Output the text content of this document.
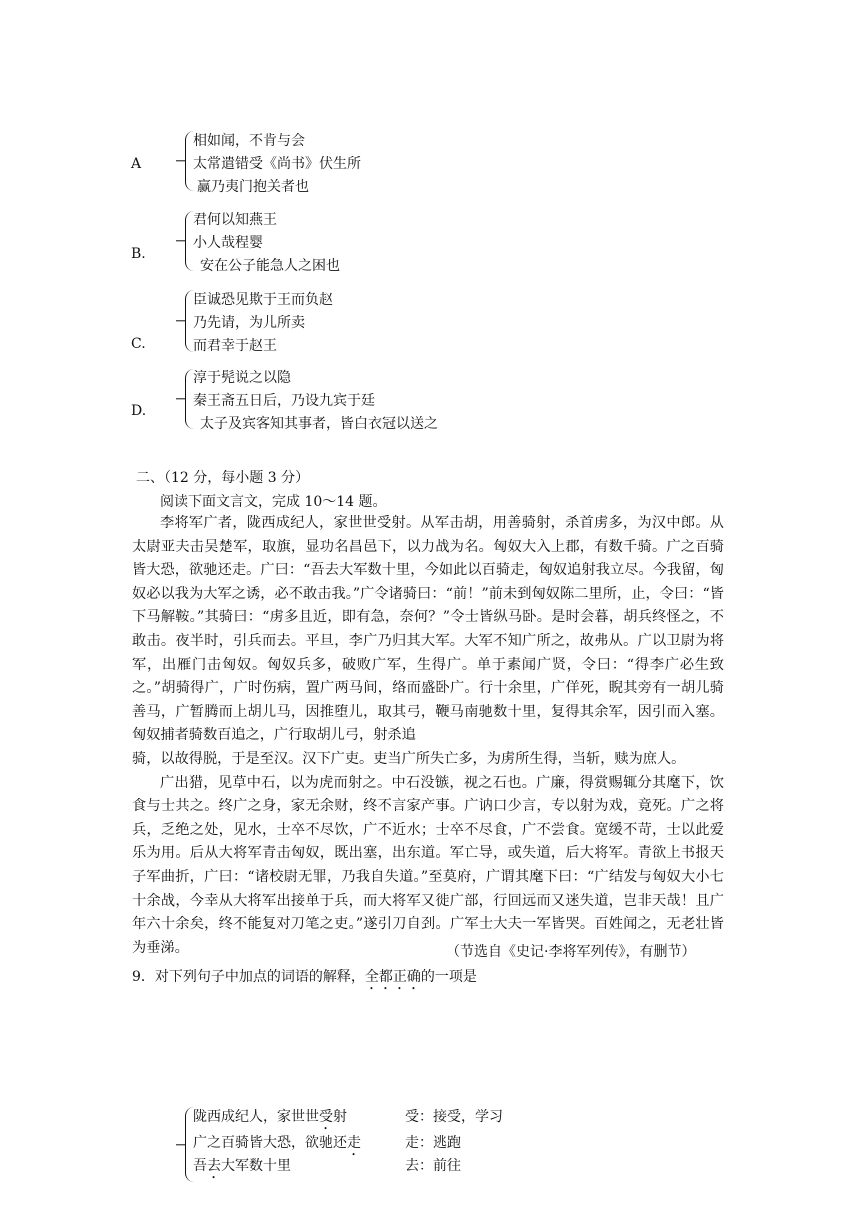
A
相如闻，不肯与会
太常遣错受《尚书》伏生所
赢乃夷门抱关者也
B.
君何以知燕王
小人哉程婴
安在公子能急人之困也
C.
臣诚恐见欺于王而负赵
乃先请，为儿所卖
而君幸于赵王
D.
淳于髡说之以隐
秦王斋五日后，乃设九宾于廷
太子及宾客知其事者，皆白衣冠以送之
二、（12 分，每小题 3 分）
阅读下面文言文，完成 10～14 题。

李将军广者，陇西成纪人，家世世受射。从军击胡，用善骑射，杀首虏多，为汉中郎。从太尉亚夫击吴楚军，取旗，显功名昌邑下，以力战为名。匈奴大入上郡，有数千骑。广之百骑皆大恐，欲驰还走。广曰：“吾去大军数十里，今如此以百骑走，匈奴追射我立尽。今我留，匈奴必以我为大军之诱，必不敢击我。”广令诸骑曰：“前！”前未到匈奴陈二里所，止，令曰：“皆下马解鞍。”其骑曰：“虏多且近，即有急，奈何？”令士皆纵马卧。是时会暮，胡兵终怪之，不敢击。夜半时，引兵而去。平旦，李广乃归其大军。大军不知广所之，故弗从。广以卫尉为将军，出雁门击匈奴。匈奴兵多，破败广军，生得广。单于素闻广贤，令曰：“得李广必生致之。”胡骑得广，广时伤病，置广两马间，络而盛卧广。行十余里，广佯死，睨其旁有一胡儿骑善马，广暂腾而上胡儿马，因推堕儿，取其弓，鞭马南驰数十里，复得其余军，因引而入塞。匈奴捕者骑数百追之，广行取胡儿弓，射杀追

骑，以故得脱，于是至汉。汉下广吏。吏当广所失亡多，为虏所生得，当斩，赎为庶人。

广出猎，见草中石，以为虎而射之。中石没镞，视之石也。广廉，得赏赐辄分其麾下，饮食与士共之。终广之身，家无余财，终不言家产事。广讷口少言，专以射为戏，竟死。广之将兵，乏绝之处，见水，士卒不尽饮，广不近水；士卒不尽食，广不尝食。宽缓不苛，士以此爱乐为用。后从大将军青击匈奴，既出塞，出东道。军亡导，或失道，后大将军。青欲上书报天子军曲折，广曰：“诸校尉无罪，乃我自失道。”至莫府，广谓其麾下曰：“广结发与匈奴大小七十余战，今幸从大将军出接单于兵，而大将军又徙广部，行回远而又迷失道，岂非天哉！且广年六十余矣，终不能复对刀笔之吏。”遂引刀自刭。广军士大夫一军皆哭。百姓闻之，无老壮皆为垂涕。	（节选自《史记·李将军列传》，有删节）
9．对下列句子中加点的词语的解释，全都正确的一项是
陇西成纪人，家世世受射	受：接受，学习
广之百骑皆大恐，欲驰还走	走：逃跑
吾去大军数十里	去：前往
